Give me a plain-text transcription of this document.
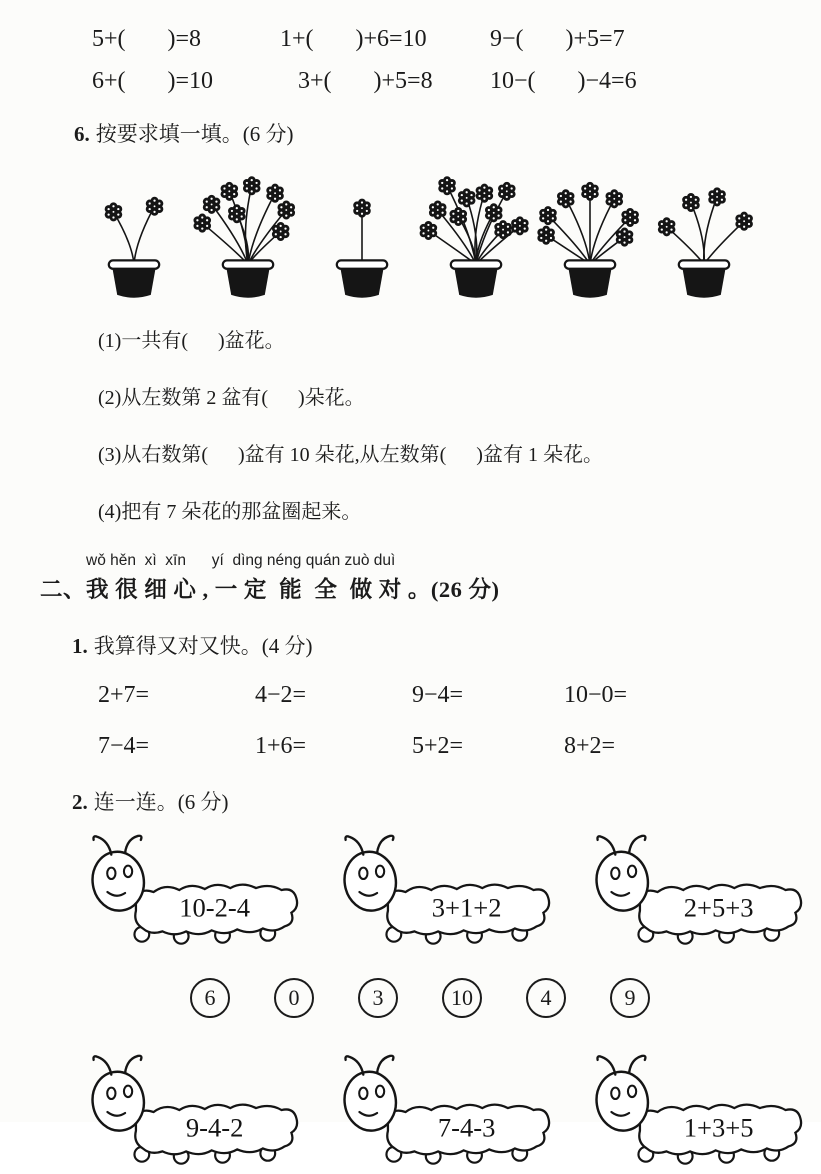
5+(       )=8	1+(       )+6=10	9−(       )+5=7
6+(       )=10	3+(       )+5=8	10−(       )−4=6
6. 按要求填一填。(6 分)
(1)一共有(      )盆花。
(2)从左数第 2 盆有(      )朵花。
(3)从右数第(      )盆有 10 朵花,从左数第(      )盆有 1 朵花。
(4)把有 7 朵花的那盆圈起来。
wǒ hěn  xì  xīn      yí  dìng néng quán zuò duì
二、我 很 细 心 , 一 定  能  全  做 对 。(26 分)
1. 我算得又对又快。(4 分)
2+7=	4−2=	9−4=	10−0=
7−4=	1+6=	5+2=	8+2=
2. 连一连。(6 分)
10-2-4	3+1+2	2+5+3
6	0	3	10	4	9
9-4-2	7-4-3	1+3+5
